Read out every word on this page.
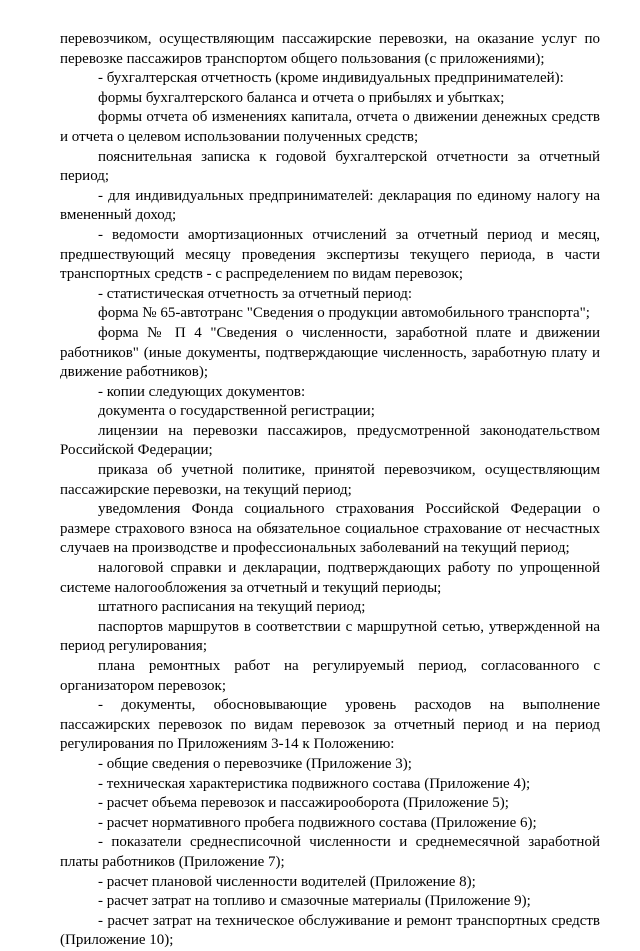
перевозчиком, осуществляющим пассажирские перевозки, на оказание услуг по перевозке пассажиров транспортом общего пользования (с приложениями);

- бухгалтерская отчетность (кроме индивидуальных предпринимателей):

формы бухгалтерского баланса и отчета о прибылях и убытках;

формы отчета об изменениях капитала, отчета о движении денежных средств и отчета о целевом использовании полученных средств;

пояснительная записка к годовой бухгалтерской отчетности за отчетный период;

- для индивидуальных предпринимателей: декларация по единому налогу на вмененный доход;

- ведомости амортизационных отчислений за отчетный период и месяц, предшествующий месяцу проведения экспертизы текущего периода, в части транспортных средств - с распределением по видам перевозок;

- статистическая отчетность за отчетный период:

форма № 65-автотранс "Сведения о продукции автомобильного транспорта";

форма № П 4 "Сведения о численности, заработной плате и движении работников" (иные документы, подтверждающие численность, заработную плату и движение работников);

- копии следующих документов:

документа о государственной регистрации;

лицензии на перевозки пассажиров, предусмотренной законодательством Российской Федерации;

приказа об учетной политике, принятой перевозчиком, осуществляющим пассажирские перевозки, на текущий период;

уведомления Фонда социального страхования Российской Федерации о размере страхового взноса на обязательное социальное страхование от несчастных случаев на производстве и профессиональных заболеваний на текущий период;

налоговой справки и декларации, подтверждающих работу по упрощенной системе налогообложения за отчетный и текущий периоды;

штатного расписания на текущий период;

паспортов маршрутов в соответствии с маршрутной сетью, утвержденной на период регулирования;

плана ремонтных работ на регулируемый период, согласованного с организатором перевозок;

- документы, обосновывающие уровень расходов на выполнение пассажирских перевозок по видам перевозок за отчетный период и на период регулирования по Приложениям 3-14 к Положению:

- общие сведения о перевозчике (Приложение 3);

- техническая характеристика подвижного состава (Приложение 4);

- расчет объема перевозок и пассажирооборота (Приложение 5);

- расчет нормативного пробега подвижного состава (Приложение 6);

- показатели среднесписочной численности и среднемесячной заработной платы работников (Приложение 7);

- расчет плановой численности водителей (Приложение 8);

- расчет затрат на топливо и смазочные материалы (Приложение 9);

- расчет затрат на техническое обслуживание и ремонт транспортных средств (Приложение 10);
